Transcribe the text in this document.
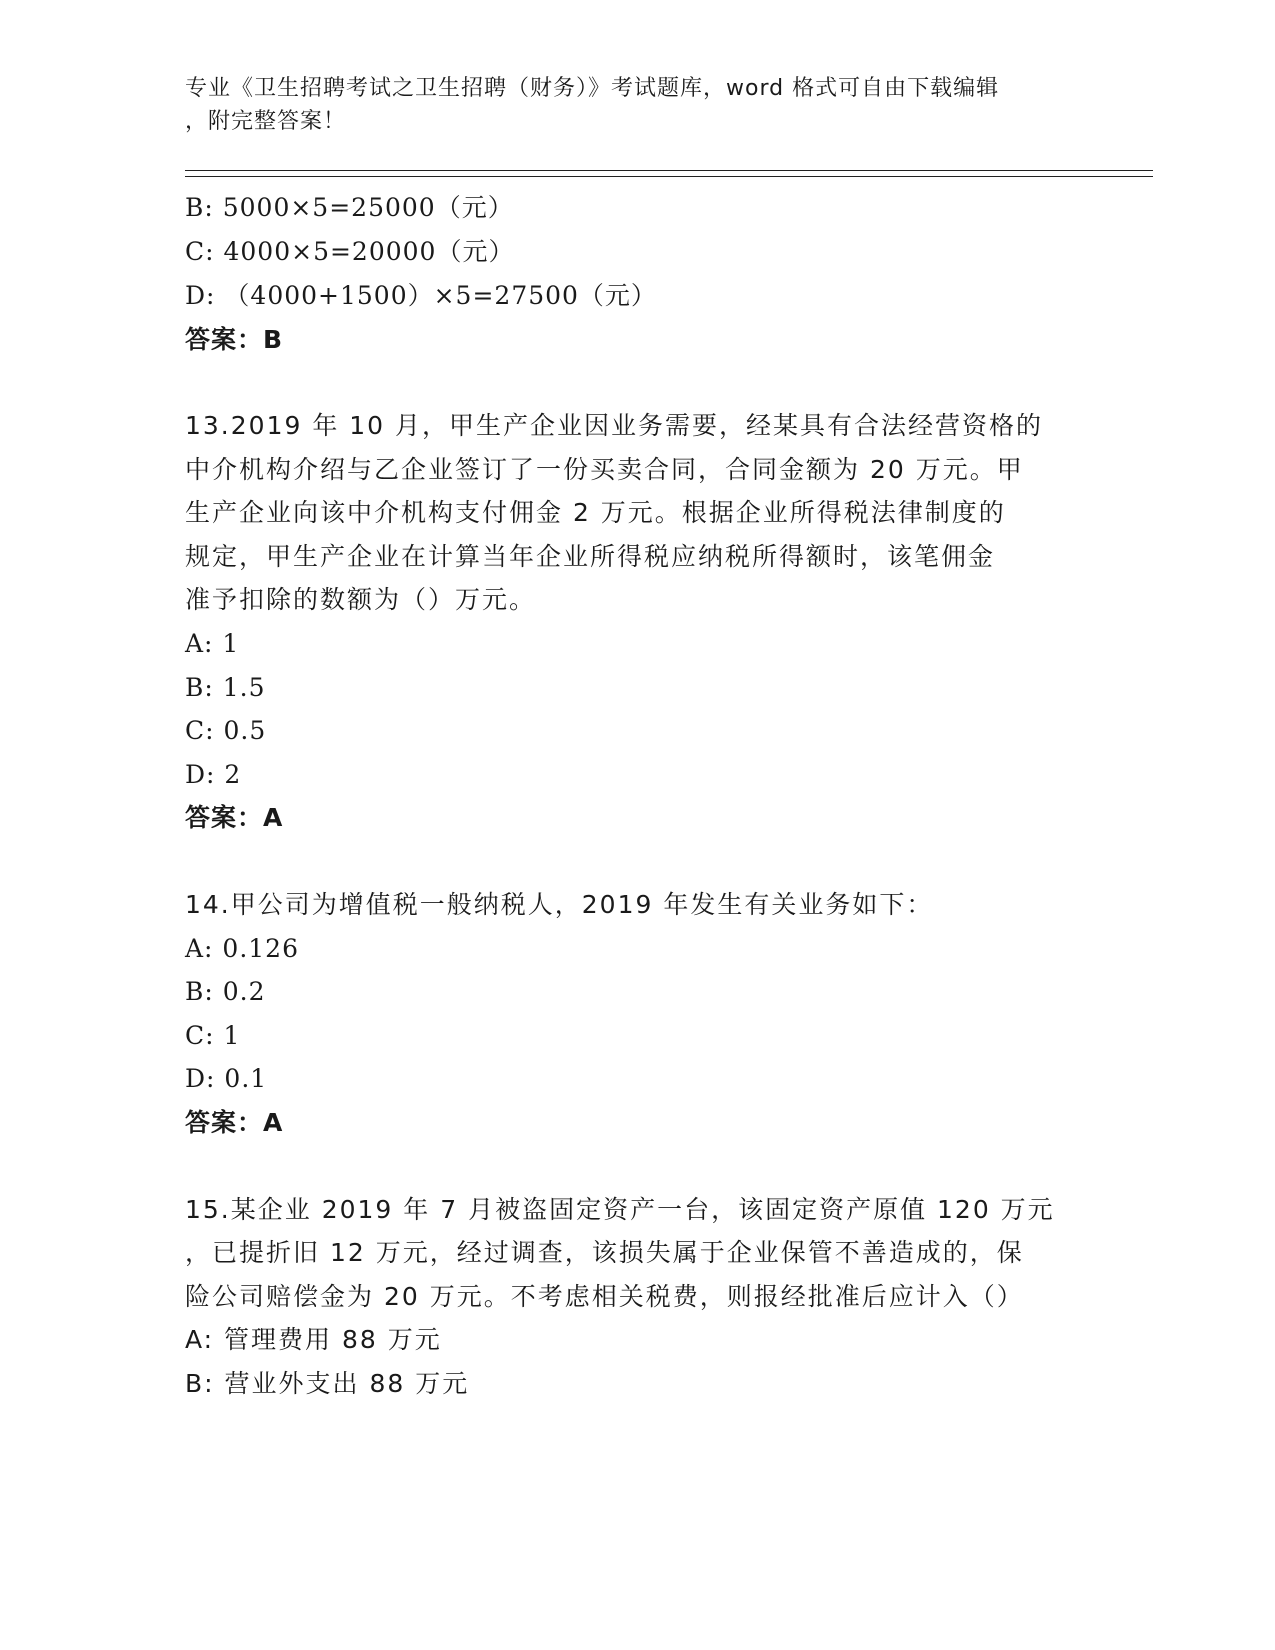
专业《卫生招聘考试之卫生招聘（财务）》考试题库，word 格式可自由下载编辑
，附完整答案！
B: 5000×5=25000（元）
C: 4000×5=20000（元）
D: （4000+1500）×5=27500（元）
答案：B
13.2019 年 10 月，甲生产企业因业务需要，经某具有合法经营资格的
中介机构介绍与乙企业签订了一份买卖合同，合同金额为 20 万元。甲
生产企业向该中介机构支付佣金 2 万元。根据企业所得税法律制度的
规定，甲生产企业在计算当年企业所得税应纳税所得额时，该笔佣金
准予扣除的数额为（）万元。
A: 1
B: 1.5
C: 0.5
D: 2
答案：A
14.甲公司为增值税一般纳税人，2019 年发生有关业务如下：
A: 0.126
B: 0.2
C: 1
D: 0.1
答案：A
15.某企业 2019 年 7 月被盗固定资产一台，该固定资产原值 120 万元
，已提折旧 12 万元，经过调查，该损失属于企业保管不善造成的，保
险公司赔偿金为 20 万元。不考虑相关税费，则报经批准后应计入（）
A: 管理费用 88 万元
B: 营业外支出 88 万元
